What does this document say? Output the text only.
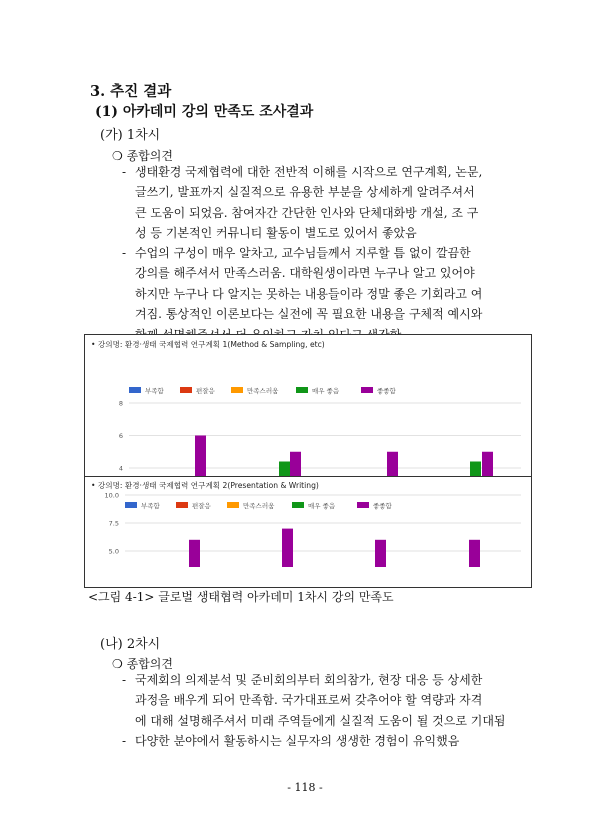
3. 추진 결과
(1) 아카데미 강의 만족도 조사결과
(가) 1차시
❍ 종합의견
- 생태환경 국제협력에 대한 전반적 이해를 시작으로 연구계획, 논문,
글쓰기, 발표까지 실질적으로 유용한 부분을 상세하게 알려주셔서
큰 도움이 되었음. 참여자간 간단한 인사와 단체대화방 개설, 조 구
성 등 기본적인 커뮤니티 활동이 별도로 있어서 좋았음
- 수업의 구성이 매우 알차고, 교수님들께서 지루할 틈 없이 깔끔한
강의를 해주셔서 만족스러움. 대학원생이라면 누구나 알고 있어야
하지만 누구나 다 알지는 못하는 내용들이라 정말 좋은 기회라고 여
겨짐. 통상적인 이론보다는 실전에 꼭 필요한 내용을 구체적 예시와
• 강의명: 환경·생태 국제협력 연구계획 1(Method & Sampling, etc)
부족함	편잘응	만족스러움	매우 좋음	좋좋함
8
6
4
• 강의명: 환경·생태 국제협력 연구계획 2(Presentation & Writing)
부족함	편잘응	만족스러움	매우 좋음	좋좋함
10.0
7.5
5.0
<그림 4-1> 글로벌 생태협력 아카데미 1차시 강의 만족도
(나) 2차시
❍ 종합의견
- 국제회의 의제분석 및 준비회의부터 회의참가, 현장 대응 등 상세한
과정을 배우게 되어 만족함. 국가대표로써 갖추어야 할 역량과 자격
에 대해 설명해주셔서 미래 주역들에게 실질적 도움이 될 것으로 기대됨
- 다양한 분야에서 활동하시는 실무자의 생생한 경험이 유익했음
- 118 -
